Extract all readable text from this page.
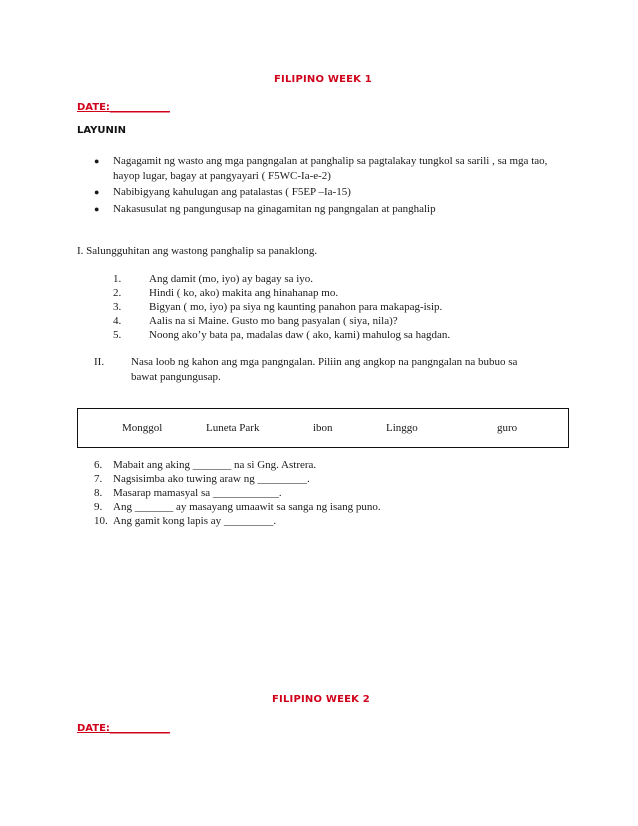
FILIPINO WEEK 1
DATE:____________
LAYUNIN
● Nagagamit ng wasto ang mga pangngalan at panghalip sa pagtalakay tungkol sa sarili , sa mga tao, hayop lugar, bagay at pangyayari ( F5WC-Ia-e-2)
● Nabibigyang kahulugan ang patalastas ( F5EP –Ia-15)
● Nakasusulat ng pangungusap na ginagamitan ng pangngalan at panghalip
I. Salungguhitan ang wastong panghalip sa panaklong.
1.	Ang damit (mo, iyo) ay bagay sa iyo.
2.	Hindi ( ko, ako) makita ang hinahanap mo.
3.	Bigyan ( mo, iyo) pa siya ng kaunting panahon para makapag-isip.
4.	Aalis na si Maine. Gusto mo bang pasyalan ( siya, nila)?
5.	Noong ako’y bata pa, madalas daw ( ako, kami) mahulog sa hagdan.
II. Nasa loob ng kahon ang mga pangngalan. Piliin ang angkop na pangngalan na bubuo sa
bawat pangungusap.
Monggol	Luneta Park	ibon	Linggo	guro
6. Mabait ang aking _______ na si Gng. Astrera.
7. Nagsisimba ako tuwing araw ng _________.
8. Masarap mamasyal sa ____________.
9. Ang _______ ay masayang umaawit sa sanga ng isang puno.
10. Ang gamit kong lapis ay _________.
FILIPINO WEEK 2
DATE:____________
